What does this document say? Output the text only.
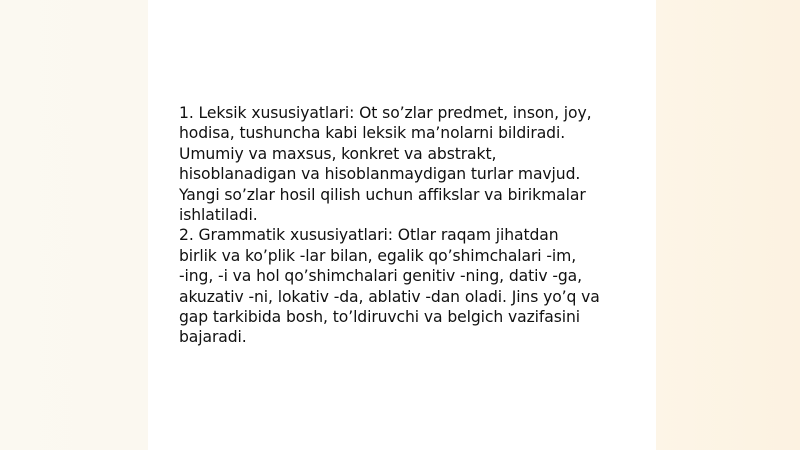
1. Leksik xususiyatlari: Ot so’zlar predmet, inson, joy,

hodisa, tushuncha kabi leksik ma’nolarni bildiradi.

Umumiy va maxsus, konkret va abstrakt,

hisoblanadigan va hisoblanmaydigan turlar mavjud.

Yangi so’zlar hosil qilish uchun affikslar va birikmalar

ishlatiladi.

2. Grammatik xususiyatlari: Otlar raqam jihatdan

birlik va ko’plik -lar bilan, egalik qo’shimchalari -im,

-ing, -i va hol qo’shimchalari genitiv -ning, dativ -ga,

akuzativ -ni, lokativ -da, ablativ -dan oladi. Jins yo’q va

gap tarkibida bosh, to’ldiruvchi va belgich vazifasini

bajaradi.
